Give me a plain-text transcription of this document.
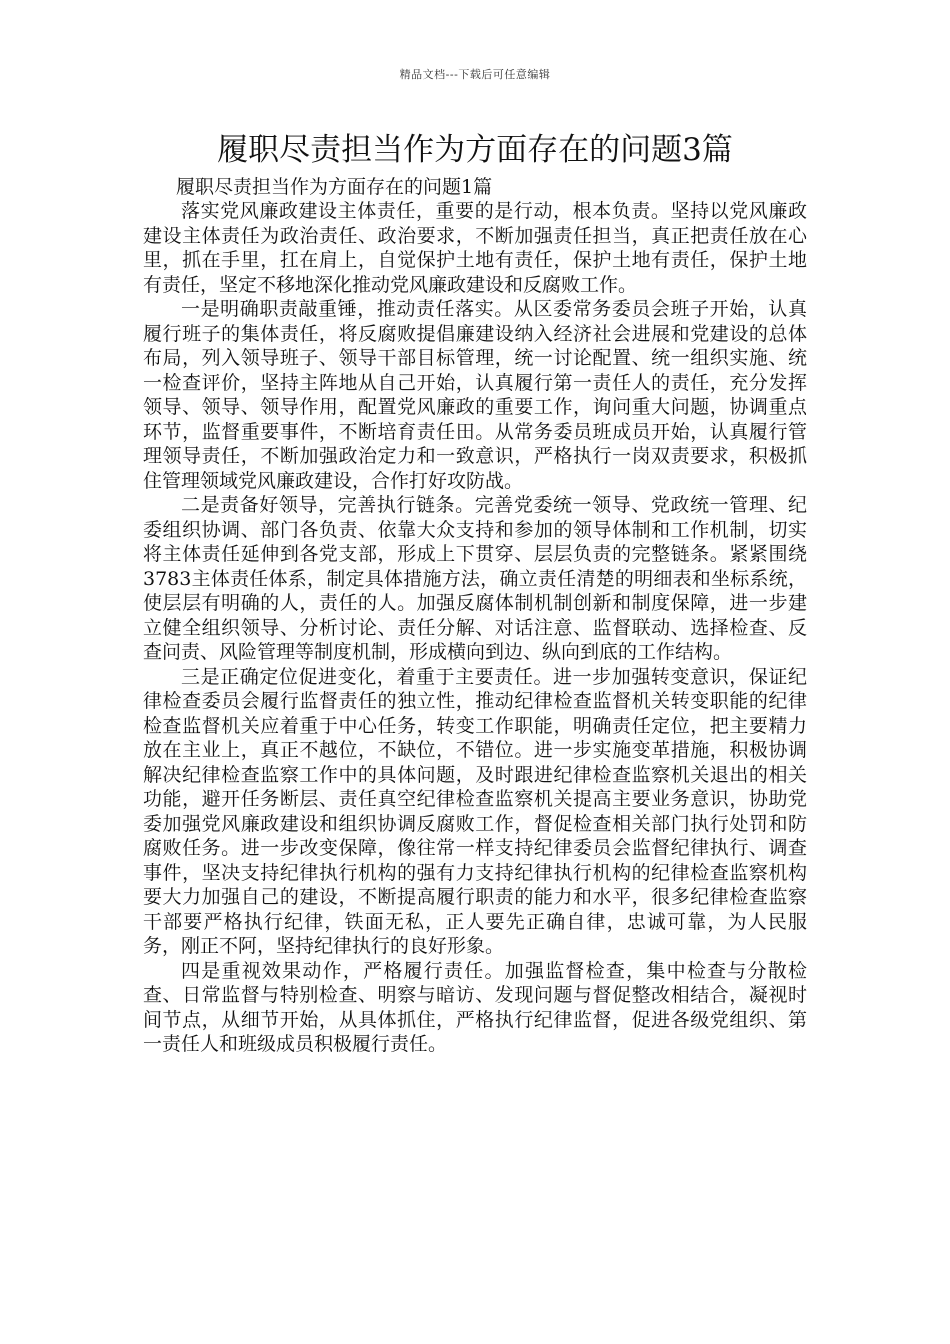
精品文档---下载后可任意编辑
履职尽责担当作为方面存在的问题3篇
履职尽责担当作为方面存在的问题1篇

落实党风廉政建设主体责任，重要的是行动，根本负责。坚持以党风廉政建设主体责任为政治责任、政治要求，不断加强责任担当，真正把责任放在心里，抓在手里，扛在肩上，自觉保护土地有责任，保护土地有责任，保护土地有责任，坚定不移地深化推动党风廉政建设和反腐败工作。

一是明确职责敲重锤，推动责任落实。从区委常务委员会班子开始，认真履行班子的集体责任，将反腐败提倡廉建设纳入经济社会进展和党建设的总体布局，列入领导班子、领导干部目标管理，统一讨论配置、统一组织实施、统一检查评价，坚持主阵地从自己开始，认真履行第一责任人的责任，充分发挥领导、领导、领导作用，配置党风廉政的重要工作，询问重大问题，协调重点环节，监督重要事件，不断培育责任田。从常务委员班成员开始，认真履行管理领导责任，不断加强政治定力和一致意识，严格执行一岗双责要求，积极抓住管理领域党风廉政建设，合作打好攻防战。

二是责备好领导，完善执行链条。完善党委统一领导、党政统一管理、纪委组织协调、部门各负责、依靠大众支持和参加的领导体制和工作机制，切实将主体责任延伸到各党支部，形成上下贯穿、层层负责的完整链条。紧紧围绕3783主体责任体系，制定具体措施方法，确立责任清楚的明细表和坐标系统，使层层有明确的人，责任的人。加强反腐体制机制创新和制度保障，进一步建立健全组织领导、分析讨论、责任分解、对话注意、监督联动、选择检查、反查问责、风险管理等制度机制，形成横向到边、纵向到底的工作结构。

三是正确定位促进变化，着重于主要责任。进一步加强转变意识，保证纪律检查委员会履行监督责任的独立性，推动纪律检查监督机关转变职能的纪律检查监督机关应着重于中心任务，转变工作职能，明确责任定位，把主要精力放在主业上，真正不越位，不缺位，不错位。进一步实施变革措施，积极协调解决纪律检查监察工作中的具体问题，及时跟进纪律检查监察机关退出的相关功能，避开任务断层、责任真空纪律检查监察机关提高主要业务意识，协助党委加强党风廉政建设和组织协调反腐败工作，督促检查相关部门执行处罚和防腐败任务。进一步改变保障，像往常一样支持纪律委员会监督纪律执行、调查事件，坚决支持纪律执行机构的强有力支持纪律执行机构的纪律检查监察机构要大力加强自己的建设，不断提高履行职责的能力和水平，很多纪律检查监察干部要严格执行纪律，铁面无私，正人要先正确自律，忠诚可靠，为人民服务，刚正不阿，坚持纪律执行的良好形象。

四是重视效果动作，严格履行责任。加强监督检查，集中检查与分散检查、日常监督与特别检查、明察与暗访、发现问题与督促整改相结合，凝视时间节点，从细节开始，从具体抓住，严格执行纪律监督，促进各级党组织、第一责任人和班级成员积极履行责任。
